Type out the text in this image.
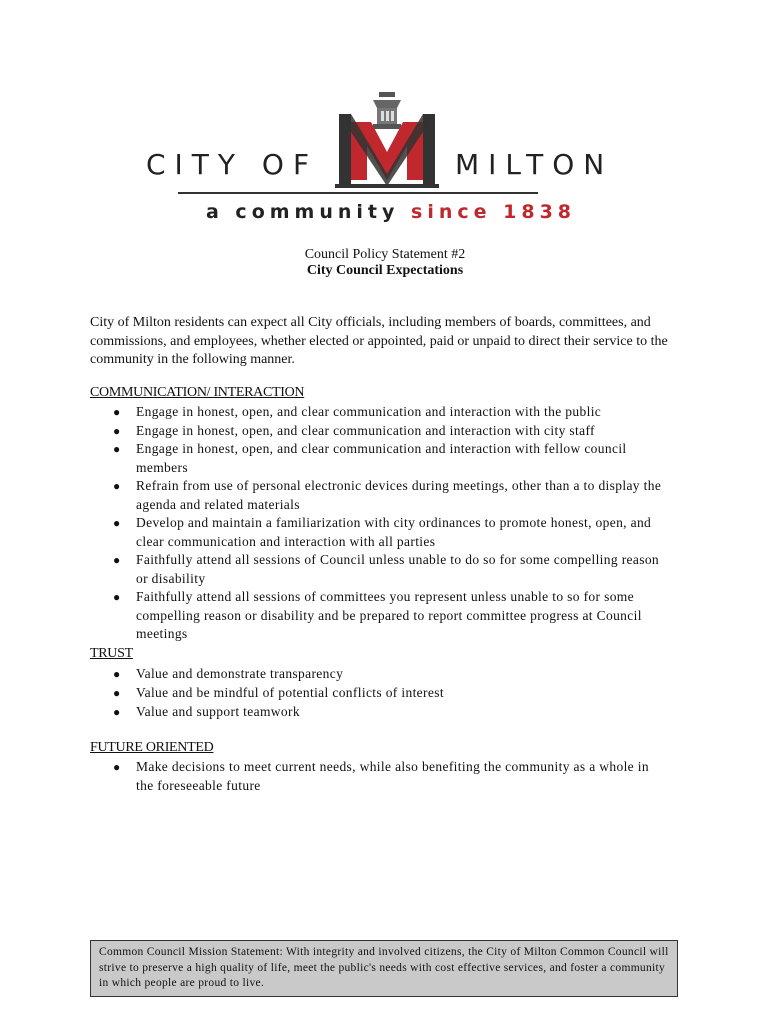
CITY OF	MILTON
a community since 1838
Council Policy Statement #2
City Council Expectations
City of Milton residents can expect all City officials, including members of boards, committees, and commissions, and employees, whether elected or appointed, paid or unpaid to direct their service to the community in the following manner.
COMMUNICATION/ INTERACTION
● Engage in honest, open, and clear communication and interaction with the public
● Engage in honest, open, and clear communication and interaction with city staff
● Engage in honest, open, and clear communication and interaction with fellow council members
● Refrain from use of personal electronic devices during meetings, other than a to display the agenda and related materials
● Develop and maintain a familiarization with city ordinances to promote honest, open, and clear communication and interaction with all parties
● Faithfully attend all sessions of Council unless unable to do so for some compelling reason or disability
● Faithfully attend all sessions of committees you represent unless unable to so for some compelling reason or disability and be prepared to report committee progress at Council meetings
TRUST
● Value and demonstrate transparency
● Value and be mindful of potential conflicts of interest
● Value and support teamwork
FUTURE ORIENTED
● Make decisions to meet current needs, while also benefiting the community as a whole in the foreseeable future
Common Council Mission Statement: With integrity and involved citizens, the City of Milton Common Council will strive to preserve a high quality of life, meet the public's needs with cost effective services, and foster a community in which people are proud to live.
